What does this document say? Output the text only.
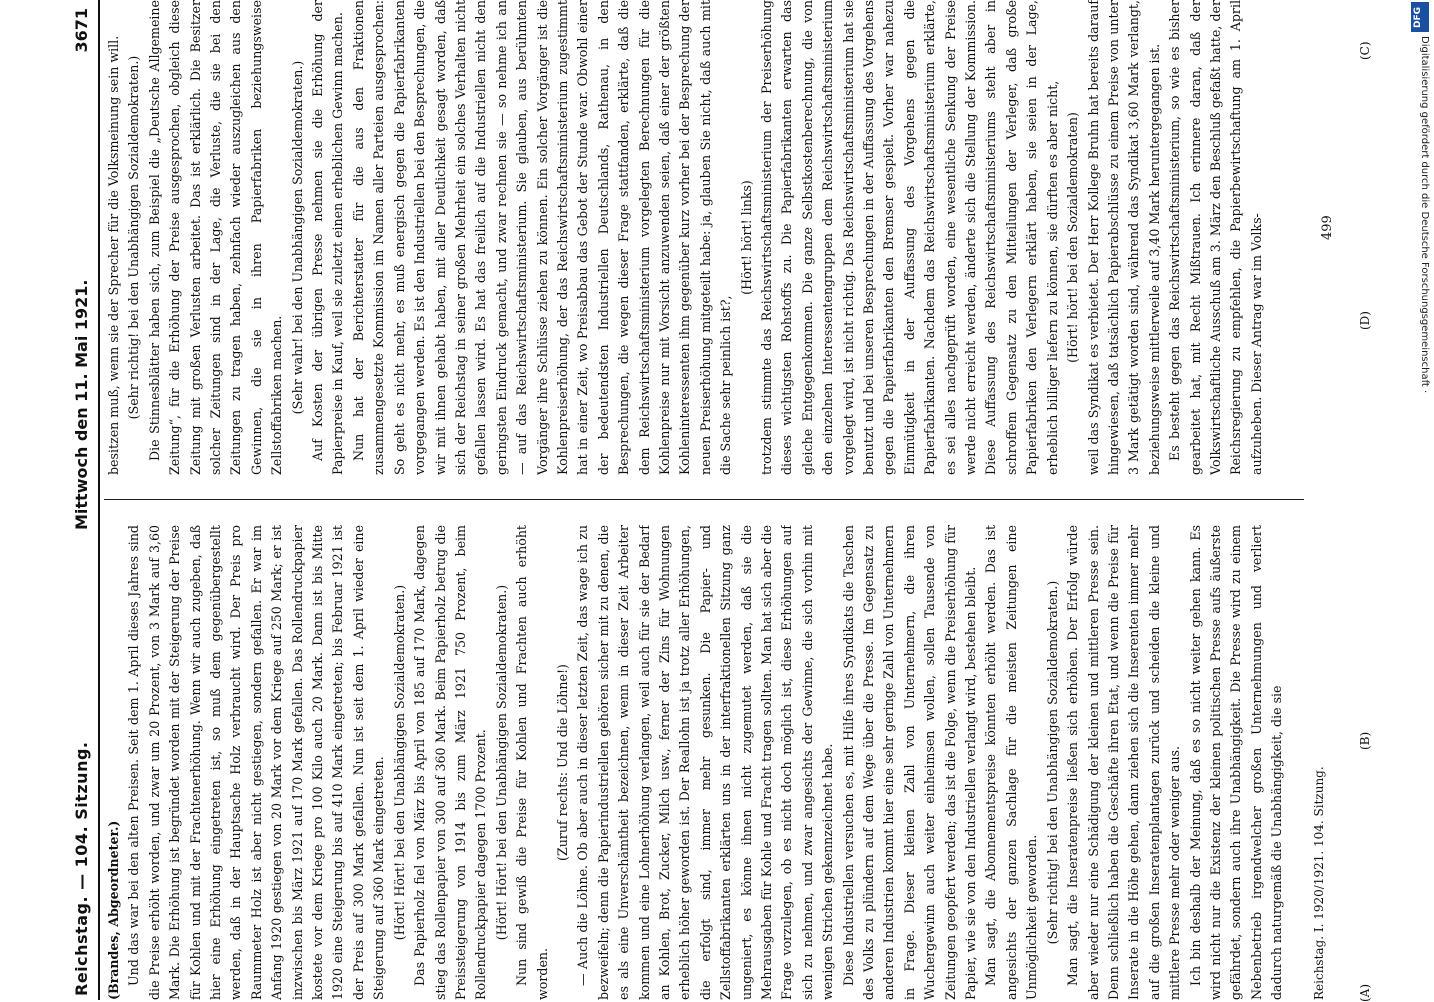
Reichstag. — 104. Sitzung.
Mittwoch den 11. Mai 1921.
3671

(Brandes, Abgeordneter.) Und das war bei den alten Preisen. Seit dem 1. April dieses Jahres sind die Preise erhöht worden, und zwar um 20 Prozent, von 3 Mark auf 3,60 Mark. Die Erhöhung ist begründet worden mit der Steigerung der Preise für Kohlen und mit der Frachtenerhöhung. Wenn wir auch zugeben, daß hier eine Erhöhung eingetreten ist, so muß dem gegenübergestellt werden, daß in der Hauptsache Holz verbraucht wird. Der Preis pro Raummeter Holz ist aber nicht gestiegen, sondern gefallen. Er war im Anfang 1920 gestiegen von 20 Mark vor dem Kriege auf 250 Mark; er ist inzwischen bis März 1921 auf 170 Mark gefallen. Das Rollendruckpapier kostete vor dem Kriege pro 100 Kilo auch 20 Mark. Dann ist bis Mitte 1920 eine Steigerung bis auf 410 Mark eingetreten; bis Februar 1921 ist der Preis auf 300 Mark gefallen. Nun ist seit dem 1. April wieder eine Steigerung auf 360 Mark eingetreten. (Hört! Hört! bei den Unabhängigen Sozialdemokraten.) Das Papierholz fiel von März bis April von 185 auf 170 Mark, dagegen stieg das Rollenpapier von 300 auf 360 Mark. Beim Papierholz betrug die Preissteigerung von 1914 bis zum März 1921 750 Prozent, beim Rollendruckpapier dagegen 1700 Prozent. (Hört! Hört! bei den Unabhängigen Sozialdemokraten.) Nun sind gewiß die Preise für Kohlen und Frachten auch erhöht worden.

(Zuruf rechts: Und die Löhne!) — Auch die Löhne. Ob aber auch in dieser letzten Zeit, das wage ich zu bezweifeln; denn die Papierindustriellen gehören sicher mit zu denen, die es als eine Unverschämtheit bezeichnen, wenn in dieser Zeit Arbeiter kommen und eine Lohnerhöhung verlangen, weil auch für sie der Bedarf an Kohlen, Brot, Zucker, Milch usw., ferner der Zins für Wohnungen erheblich höher geworden ist. Der Reallohn ist ja trotz aller Erhöhungen, die erfolgt sind, immer mehr gesunken. Die Papier- und Zellstoffabrikanten erklärten uns in der interfraktionellen Sitzung ganz ungeniert, es könne ihnen nicht zugemutet werden, daß sie die Mehrausgaben für Kohle und Fracht tragen sollten. Man hat sich aber die Frage vorzulegen, ob es nicht doch möglich ist, diese Erhöhungen auf sich zu nehmen, und zwar angesichts der Gewinne, die sich vorhin mit wenigen Strichen gekennzeichnet habe. Diese Industriellen versuchen es, mit Hilfe ihres Syndikats die Taschen des Volks zu plündern auf dem Wege über die Presse. Im Gegensatz zu anderen Industrien kommt hier eine sehr geringe Zahl von Unternehmern in Frage. Dieser kleinen Zahl von Unternehmern, die ihren Wuchergewinn auch weiter einheimsen wollen, sollen Tausende von Zeitungen geopfert werden; das ist die Folge, wenn die Preiserhöhung für Papier, wie sie von den Industriellen verlangt wird, bestehen bleibt. Man sagt, die Abonnementspreise könnten erhöht werden. Das ist angesichts der ganzen Sachlage für die meisten Zeitungen eine Unmöglichkeit geworden. (Sehr richtig! bei den Unabhängigen Sozialdemokraten.) Man sagt, die Inseratenpreise ließen sich erhöhen. Der Erfolg würde aber wieder nur eine Schädigung der kleinen und mittleren Presse sein. Denn schließlich haben die Geschäfte ihren Etat, und wenn die Preise für Inserate in die Höhe gehen, dann ziehen sich die Inserenten immer mehr auf die großen Inseratenplantagen zurück und scheiden die kleine und mittlere Presse mehr oder weniger aus. Ich bin deshalb der Meinung, daß es so nicht weiter gehen kann. Es wird nicht nur die Existenz der kleinen politischen Presse aufs äußerste gefährdet, sondern auch ihre Unabhängigkeit. Die Presse wird zu einem Nebenbetrieb irgendwelcher großen Unternehmungen und verliert dadurch naturgemäß die Unabhängigkeit, die sie

besitzen muß, wenn sie der Sprecher für die Volksmeinung sein will. (Sehr richtig! bei den Unabhängigen Sozialdemokraten.) Die Stinnesblätter haben sich, zum Beispiel die „Deutsche Allgemeine Zeitung“, für die Erhöhung der Preise ausgesprochen, obgleich diese Zeitung mit großen Verlusten arbeitet. Das ist erklärlich. Die Besitzer solcher Zeitungen sind in der Lage, die Verluste, die sie bei den Zeitungen zu tragen haben, zehnfach wieder auszugleichen aus den Gewinnen, die sie in ihren Papierfabriken beziehungsweise Zellstoffabriken machen. (Sehr wahr! bei den Unabhängigen Sozialdemokraten.) Auf Kosten der übrigen Presse nehmen sie die Erhöhung der Papierpreise in Kauf, weil sie zuletzt einen erheblichen Gewinn machen. Nun hat der Berichterstatter für die aus den Fraktionen zusammengesetzte Kommission im Namen aller Parteien ausgesprochen: So geht es nicht mehr, es muß energisch gegen die Papierfabrikanten vorgegangen werden. Es ist den Industriellen bei den Besprechungen, die wir mit ihnen gehabt haben, mit aller Deutlichkeit gesagt worden, daß sich der Reichstag in seiner großen Mehrheit ein solches Verhalten nicht gefallen lassen wird. Es hat das freilich auf die Industriellen nicht den geringsten Eindruck gemacht, und zwar rechnen sie — so nehme ich an — auf das Reichswirtschaftsministerium. Sie glauben, aus berühmten Vorgänger ihre Schlüsse ziehen zu können. Ein solcher Vorgänger ist die Kohlenpreiserhöhung, der das Reichswirtschaftsministerium zugestimmt hat in einer Zeit, wo Preisabbau das Gebot der Stunde war. Obwohl einer der bedeutendsten Industriellen Deutschlands, Rathenau, in den Besprechungen, die wegen dieser Frage stattfanden, erklärte, daß die dem Reichswirtschaftsministerium vorgelegten Berechnungen für die Kohlenpreise nur mit Vorsicht anzuwenden seien, daß einer der größten Kohleninteressenten ihm gegenüber kurz vorher bei der Besprechung der neuen Preiserhöhung mitgeteilt habe: ja, glauben Sie nicht, daß auch mit die Sache sehr peinlich ist?,

(Hört! hört! links) trotzdem stimmte das Reichswirtschaftsministerium der Preiserhöhung dieses wichtigsten Rohstoffs zu. Die Papierfabrikanten erwarten das gleiche Entgegenkommen. Die ganze Selbstkostenberechnung, die von den einzelnen Interessentengruppen dem Reichswirtschaftsministerium vorgelegt wird, ist nicht richtig. Das Reichswirtschaftsministerium hat sie benutzt und bei unseren Besprechungen in der Auffassung des Vorgehens gegen die Papierfabrikanten den Bremser gespielt. Vorher war nahezu Einmütigkeit in der Auffassung des Vorgehens gegen die Papierfabrikanten. Nachdem das Reichswirtschaftsministerium erklärte, es sei alles nachgeprüft worden, eine wesentliche Senkung der Preise werde nicht erreicht werden, änderte sich die Stellung der Kommission. Diese Auffassung des Reichswirtschaftsministeriums steht aber in schroffem Gegensatz zu den Mitteilungen der Verleger, daß große Papierfabriken den Verlegern erklärt haben, sie seien in der Lage, erheblich billiger liefern zu können, sie dürften es aber nicht, (Hört! hört! bei den Sozialdemokraten) weil das Syndikat es verbietet. Der Herr Kollege Bruhn hat bereits darauf hingewiesen, daß tatsächlich Papierabschlüsse zu einem Preise von unter 3 Mark getätigt worden sind, während das Syndikat 3,60 Mark verlangt, beziehungsweise mittlerweile auf 3,40 Mark heruntergegangen ist. Es besteht gegen das Reichswirtschaftsministerium, so wie es bisher gearbeitet hat, mit Recht Mißtrauen. Ich erinnere daran, daß der Volkswirtschaftliche Ausschuß am 3. März den Beschluß gefaßt hatte, der Reichsregierung zu empfehlen, die Papierbewirtschaftung am 1. April aufzuheben. Dieser Antrag war im Volks-

(A)
(B)
(C)
(D)
Reichstag. I. 1920/1921. 104. Sitzung.
499
DFG
Digitalisierung gefördert durch die Deutsche Forschungsgemeinschaft ·
